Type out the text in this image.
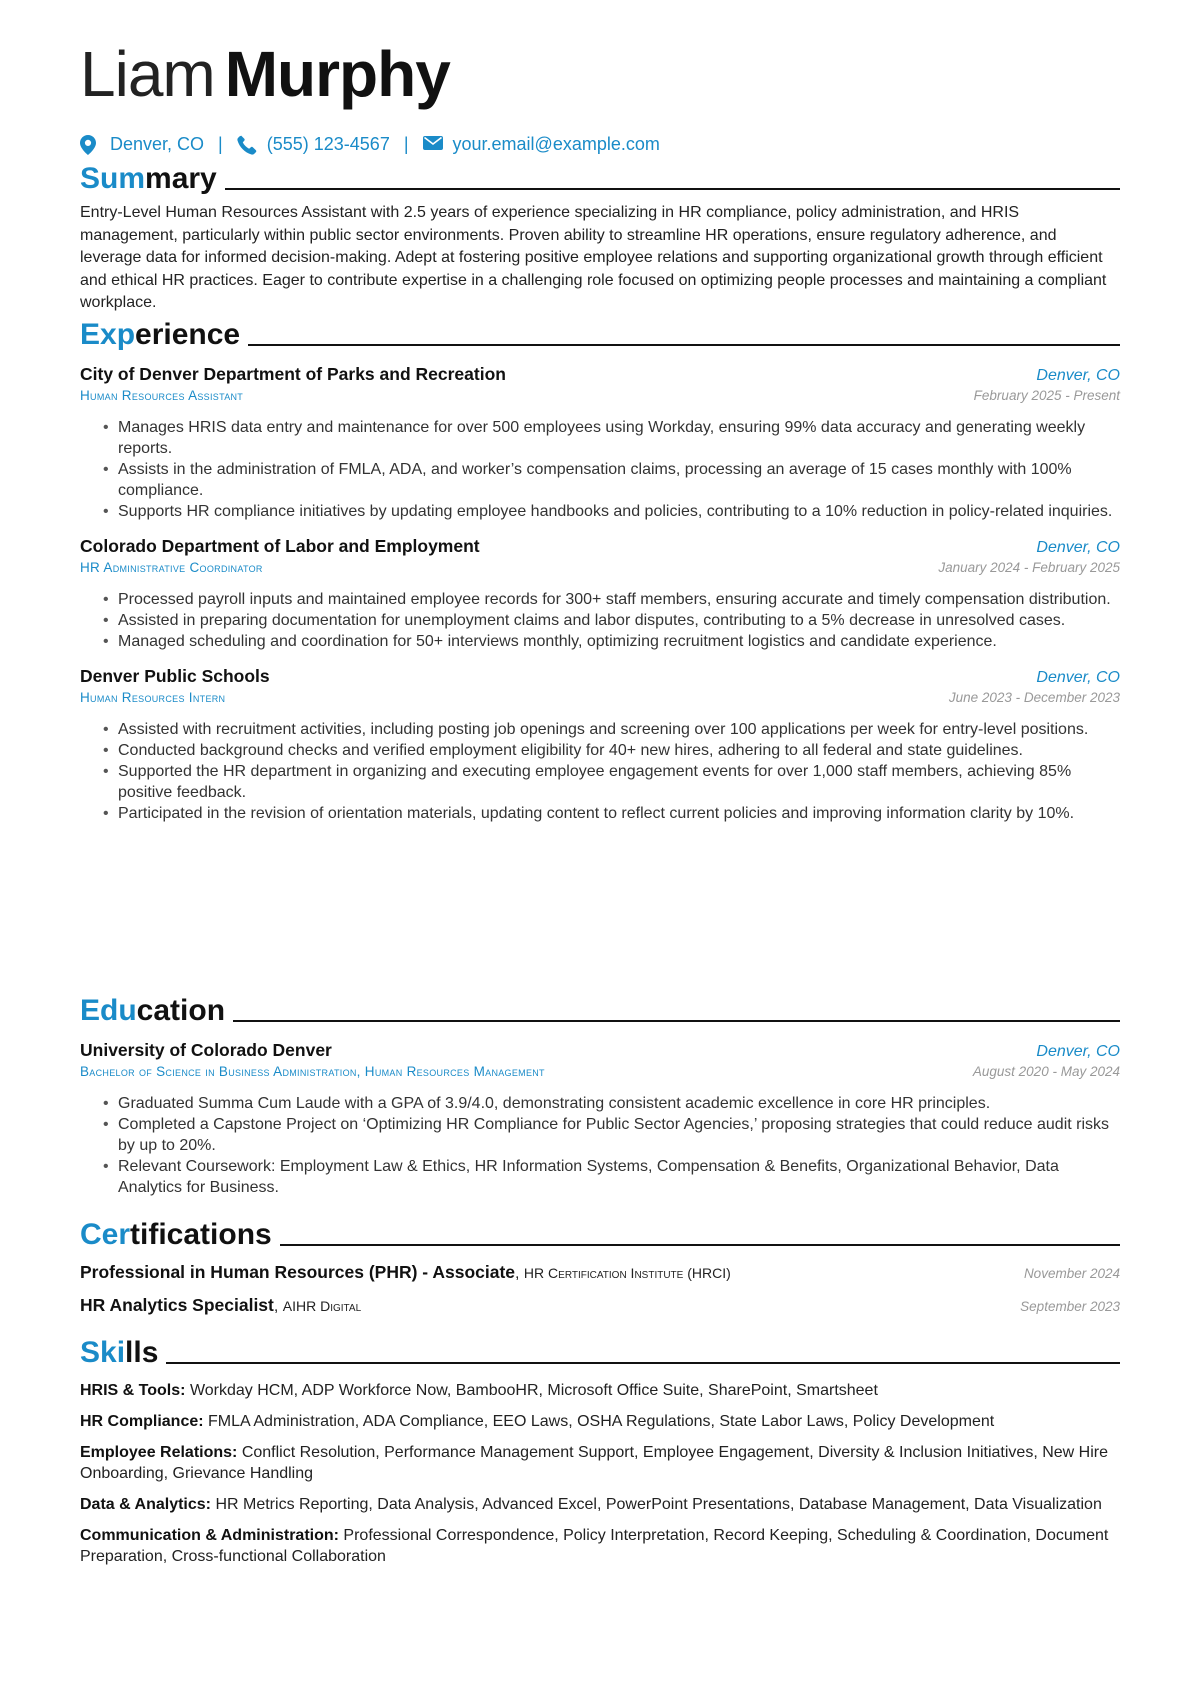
Liam Murphy
Denver, CO | (555) 123-4567 | your.email@example.com
Summary
Entry-Level Human Resources Assistant with 2.5 years of experience specializing in HR compliance, policy administration, and HRIS management, particularly within public sector environments. Proven ability to streamline HR operations, ensure regulatory adherence, and leverage data for informed decision-making. Adept at fostering positive employee relations and supporting organizational growth through efficient and ethical HR practices. Eager to contribute expertise in a challenging role focused on optimizing people processes and maintaining a compliant workplace.
Experience
City of Denver Department of Parks and Recreation	Denver, CO
Human Resources Assistant	February 2025 - Present
• Manages HRIS data entry and maintenance for over 500 employees using Workday, ensuring 99% data accuracy and generating weekly reports.
• Assists in the administration of FMLA, ADA, and worker’s compensation claims, processing an average of 15 cases monthly with 100% compliance.
• Supports HR compliance initiatives by updating employee handbooks and policies, contributing to a 10% reduction in policy-related inquiries.
Colorado Department of Labor and Employment	Denver, CO
HR Administrative Coordinator	January 2024 - February 2025
• Processed payroll inputs and maintained employee records for 300+ staff members, ensuring accurate and timely compensation distribution.
• Assisted in preparing documentation for unemployment claims and labor disputes, contributing to a 5% decrease in unresolved cases.
• Managed scheduling and coordination for 50+ interviews monthly, optimizing recruitment logistics and candidate experience.
Denver Public Schools	Denver, CO
Human Resources Intern	June 2023 - December 2023
• Assisted with recruitment activities, including posting job openings and screening over 100 applications per week for entry-level positions.
• Conducted background checks and verified employment eligibility for 40+ new hires, adhering to all federal and state guidelines.
• Supported the HR department in organizing and executing employee engagement events for over 1,000 staff members, achieving 85% positive feedback.
• Participated in the revision of orientation materials, updating content to reflect current policies and improving information clarity by 10%.
Education
University of Colorado Denver	Denver, CO
Bachelor of Science in Business Administration, Human Resources Management	August 2020 - May 2024
• Graduated Summa Cum Laude with a GPA of 3.9/4.0, demonstrating consistent academic excellence in core HR principles.
• Completed a Capstone Project on ‘Optimizing HR Compliance for Public Sector Agencies,’ proposing strategies that could reduce audit risks by up to 20%.
• Relevant Coursework: Employment Law & Ethics, HR Information Systems, Compensation & Benefits, Organizational Behavior, Data Analytics for Business.
Certifications
Professional in Human Resources (PHR) - Associate, HR Certification Institute (HRCI)	November 2024
HR Analytics Specialist, AIHR Digital	September 2023
Skills
HRIS & Tools: Workday HCM, ADP Workforce Now, BambooHR, Microsoft Office Suite, SharePoint, Smartsheet
HR Compliance: FMLA Administration, ADA Compliance, EEO Laws, OSHA Regulations, State Labor Laws, Policy Development
Employee Relations: Conflict Resolution, Performance Management Support, Employee Engagement, Diversity & Inclusion Initiatives, New Hire Onboarding, Grievance Handling
Data & Analytics: HR Metrics Reporting, Data Analysis, Advanced Excel, PowerPoint Presentations, Database Management, Data Visualization
Communication & Administration: Professional Correspondence, Policy Interpretation, Record Keeping, Scheduling & Coordination, Document Preparation, Cross-functional Collaboration
